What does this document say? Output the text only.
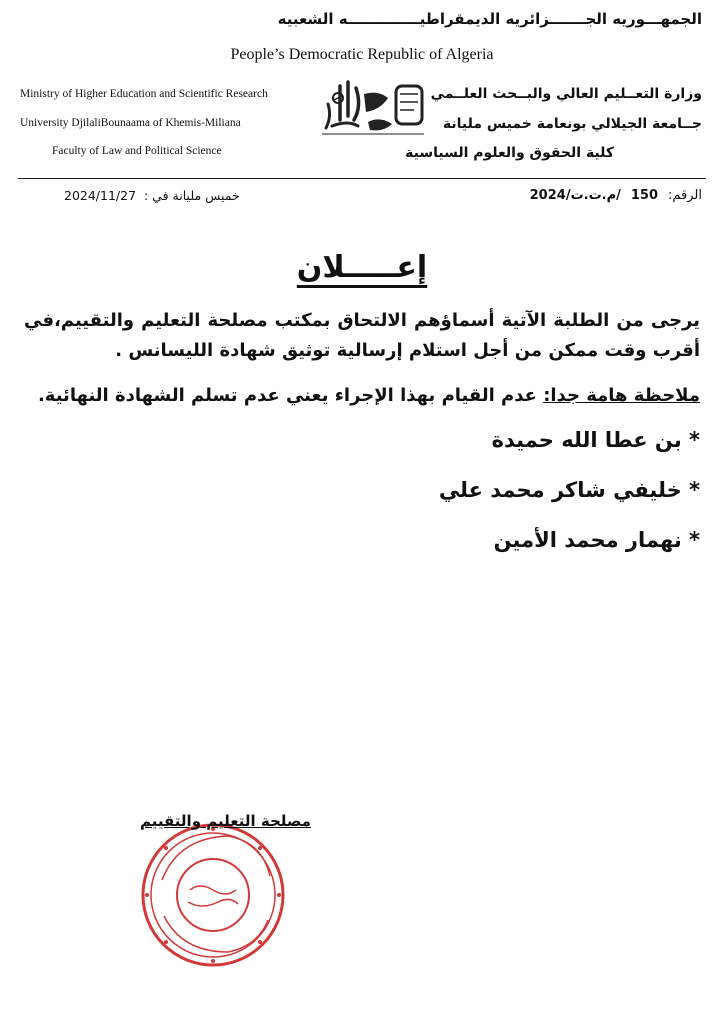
الجمهـــوريه الجـــــــزائريه الديمقراطيــــــــــــــه الشعبيه
People’s Democratic Republic of Algeria
Ministry of Higher Education and Scientific Research
University DjilaliBounaama of Khemis-Miliana
Faculty of Law and Political Science
وزارة التعــليم العالي والبــحث العلــمي
جــامعة الجيلالي بونعامة خميس مليانة
كلية الحقوق والعلوم السياسية
الرقم:150/م.ت.ت/2024
2024/11/27 خميس مليانة في :
إعـــــلان
يرجى من الطلبة الآتية أسماؤهم الالتحاق بمكتب مصلحة التعليم والتقييم،في أقرب وقت ممكن من أجل استلام إرسالية توثيق شهادة الليسانس .
ملاحظة هامة جدا: عدم القيام بهذا الإجراء يعني عدم تسلم الشهادة النهائية.
* بن عطا الله حميدة
* خليفي شاكر محمد علي
* نهمار محمد الأمين
مصلحة التعليم والتقييم
